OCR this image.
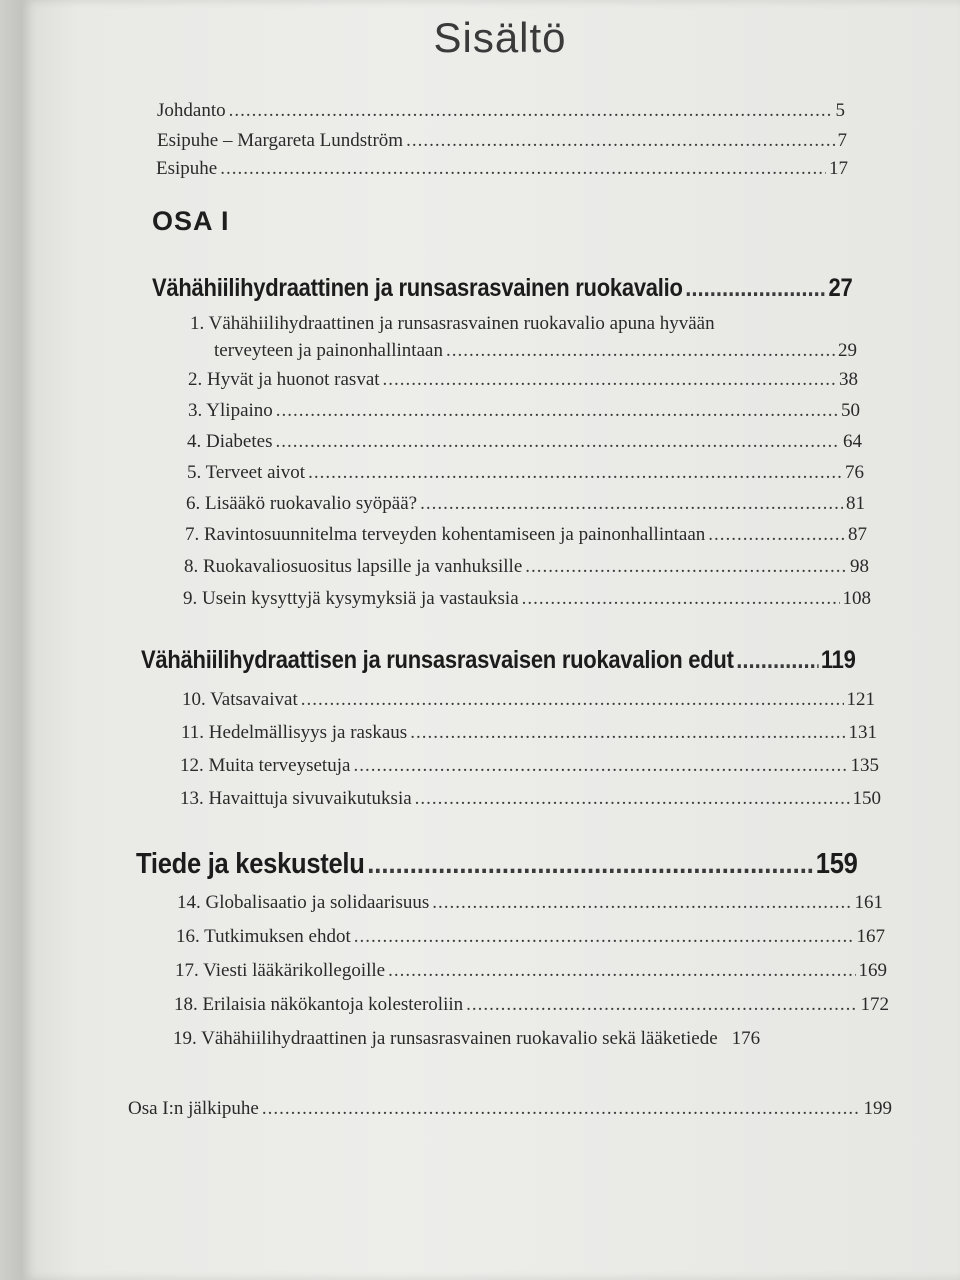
Sisältö
Johdanto .....	5
Esipuhe – Margareta Lundström .....	7
Esipuhe .....	17
OSA I
Vähähiilihydraattinen ja runsasrasvainen ruokavalio .....	27
1. Vähähiilihydraattinen ja runsasrasvainen ruokavalio apuna hyvään
terveyteen ja painonhallintaan .....	29
2. Hyvät ja huonot rasvat .....	38
3. Ylipaino .....	50
4. Diabetes .....	64
5. Terveet aivot .....	76
6. Lisääkö ruokavalio syöpää? .....	81
7. Ravintosuunnitelma terveyden kohentamiseen ja painonhallintaan .....	87
8. Ruokavaliosuositus lapsille ja vanhuksille .....	98
9. Usein kysyttyjä kysymyksiä ja vastauksia .....	108
Vähähiilihydraattisen ja runsasrasvaisen ruokavalion edut .....	119
10. Vatsavaivat .....	121
11. Hedelmällisyys ja raskaus .....	131
12. Muita terveysetuja .....	135
13. Havaittuja sivuvaikutuksia .....	150
Tiede ja keskustelu .....	159
14. Globalisaatio ja solidaarisuus .....	161
16. Tutkimuksen ehdot .....	167
17. Viesti lääkärikollegoille .....	169
18. Erilaisia näkökantoja kolesteroliin .....	172
19. Vähähiilihydraattinen ja runsasrasvainen ruokavalio sekä lääketiede 176
Osa I:n jälkipuhe .....	199
